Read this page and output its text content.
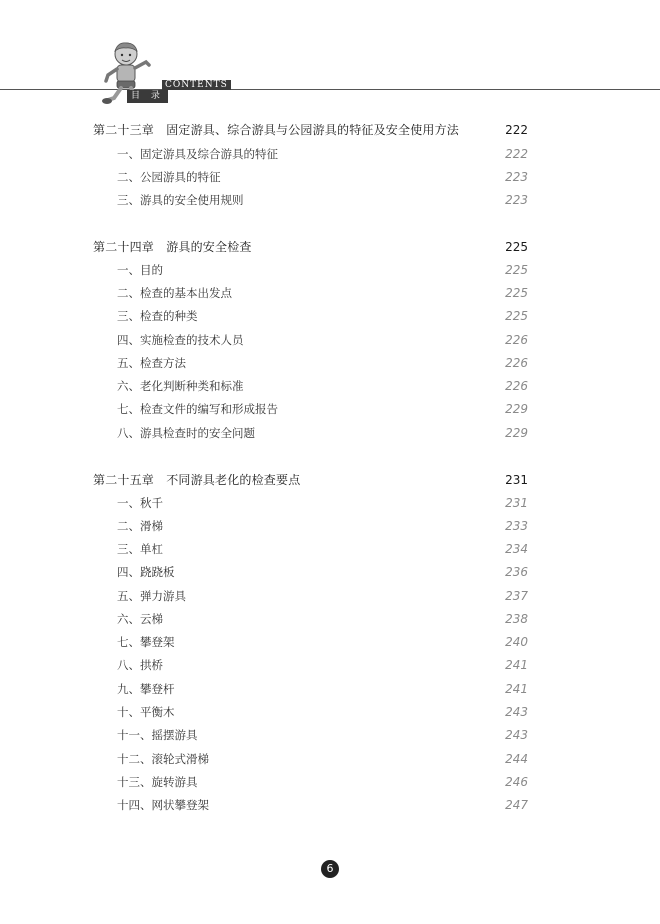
CONTENTS
目 录
第二十三章　固定游具、综合游具与公园游具的特征及安全使用方法	222
一、固定游具及综合游具的特征	222
二、公园游具的特征	223
三、游具的安全使用规则	223
第二十四章　游具的安全检查	225
一、目的	225
二、检查的基本出发点	225
三、检查的种类	225
四、实施检查的技术人员	226
五、检查方法	226
六、老化判断种类和标准	226
七、检查文件的编写和形成报告	229
八、游具检查时的安全问题	229
第二十五章　不同游具老化的检查要点	231
一、秋千	231
二、滑梯	233
三、单杠	234
四、跷跷板	236
五、弹力游具	237
六、云梯	238
七、攀登架	240
八、拱桥	241
九、攀登杆	241
十、平衡木	243
十一、摇摆游具	243
十二、滚轮式滑梯	244
十三、旋转游具	246
十四、网状攀登架	247
6
